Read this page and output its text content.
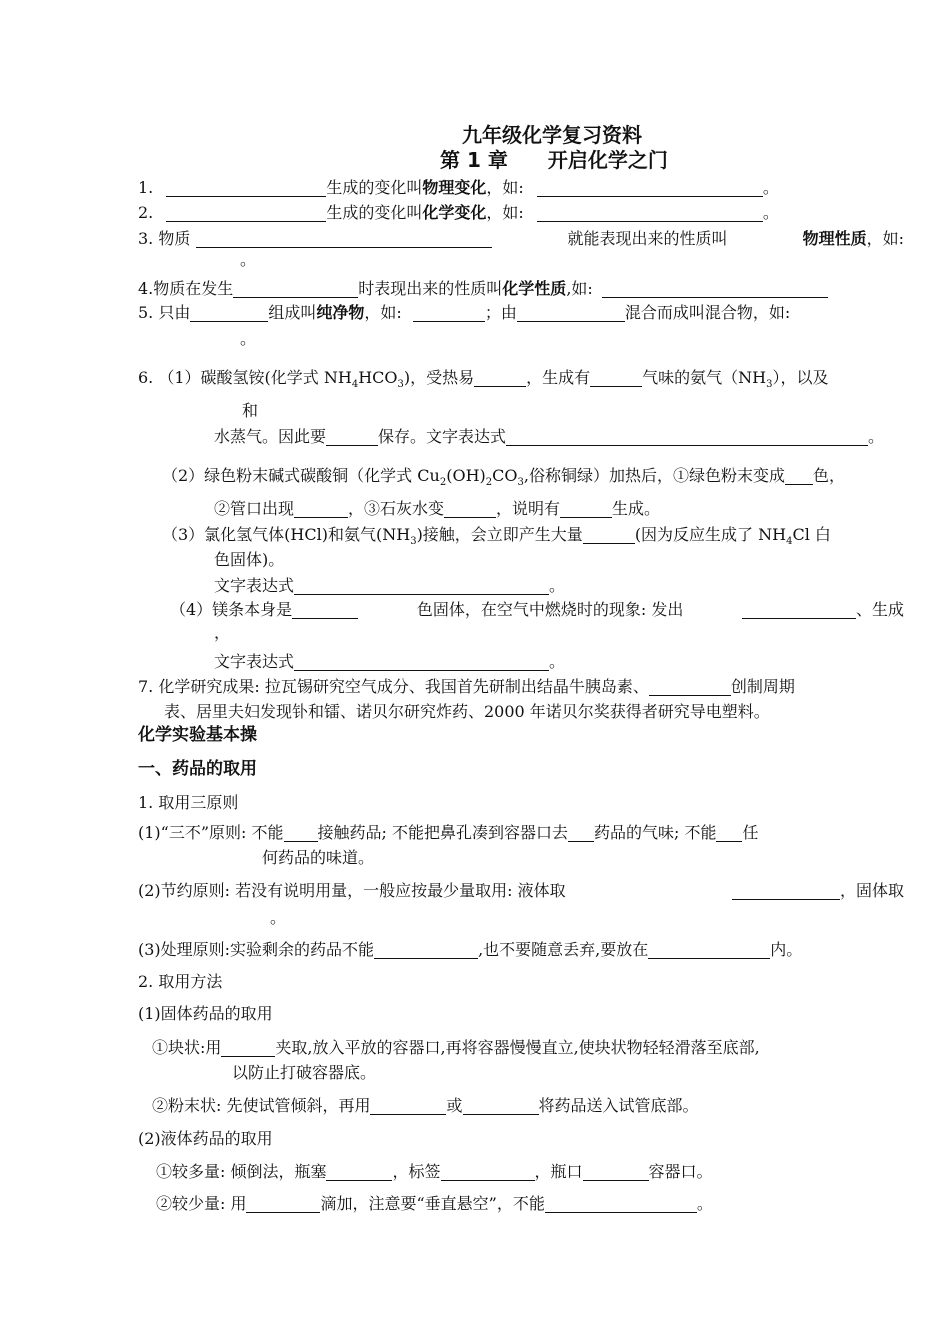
九年级化学复习资料
第 1 章　　开启化学之门
1.	生成的变化叫物理变化，如:	。
2.	生成的变化叫化学变化，如:	。
3. 物质	就能表现出来的性质叫	物理性质，如:
。
4.物质在发生	时表现出来的性质叫化学性质,如:
5. 只由	组成叫纯净物，如:	；由	混合而成叫混合物，如:
。
6. （1）碳酸氢铵(化学式 $NH_4HCO_3$)，受热易	，生成有	气味的氨气$(NH_3)$，以及
和
水蒸气。因此要	保存。文字表达式	。
（2）绿色粉末碱式碳酸铜（化学式 $Cu_2(OH)_2CO_3$,俗称铜绿）加热后，①绿色粉末变成 色，
②管口出现	，③石灰水变	，说明有	生成。
（3）氯化氢气体(HCl)和氨气$(NH_3)$接触，会立即产生大量	(因为反应生成了 $NH_4Cl$ 白
色固体)。
文字表达式	。
（4）镁条本身是	色固体，在空气中燃烧时的现象: 发出	、生成
，
文字表达式	。
7. 化学研究成果: 拉瓦锡研究空气成分、我国首先研制出结晶牛胰岛素、	创制周期
表、居里夫妇发现钋和镭、诺贝尔研究炸药、2000 年诺贝尔奖获得者研究导电塑料。
化学实验基本操
一、药品的取用
1. 取用三原则
(1)“三不”原则: 不能 接触药品; 不能把鼻孔凑到容器口去 药品的气味; 不能 任
何药品的味道。
(2)节约原则: 若没有说明用量，一般应按最少量取用: 液体取	，固体取
。
(3)处理原则:实验剩余的药品不能	,也不要随意丢弃,要放在	内。
2. 取用方法
(1)固体药品的取用
①块状:用	夹取,放入平放的容器口,再将容器慢慢直立,使块状物轻轻滑落至底部,
以防止打破容器底。
②粉末状: 先使试管倾斜，再用	或	将药品送入试管底部。
(2)液体药品的取用
①较多量: 倾倒法，瓶塞	，标签	，瓶口	容器口。
②较少量: 用	滴加，注意要“垂直悬空”，不能	。
